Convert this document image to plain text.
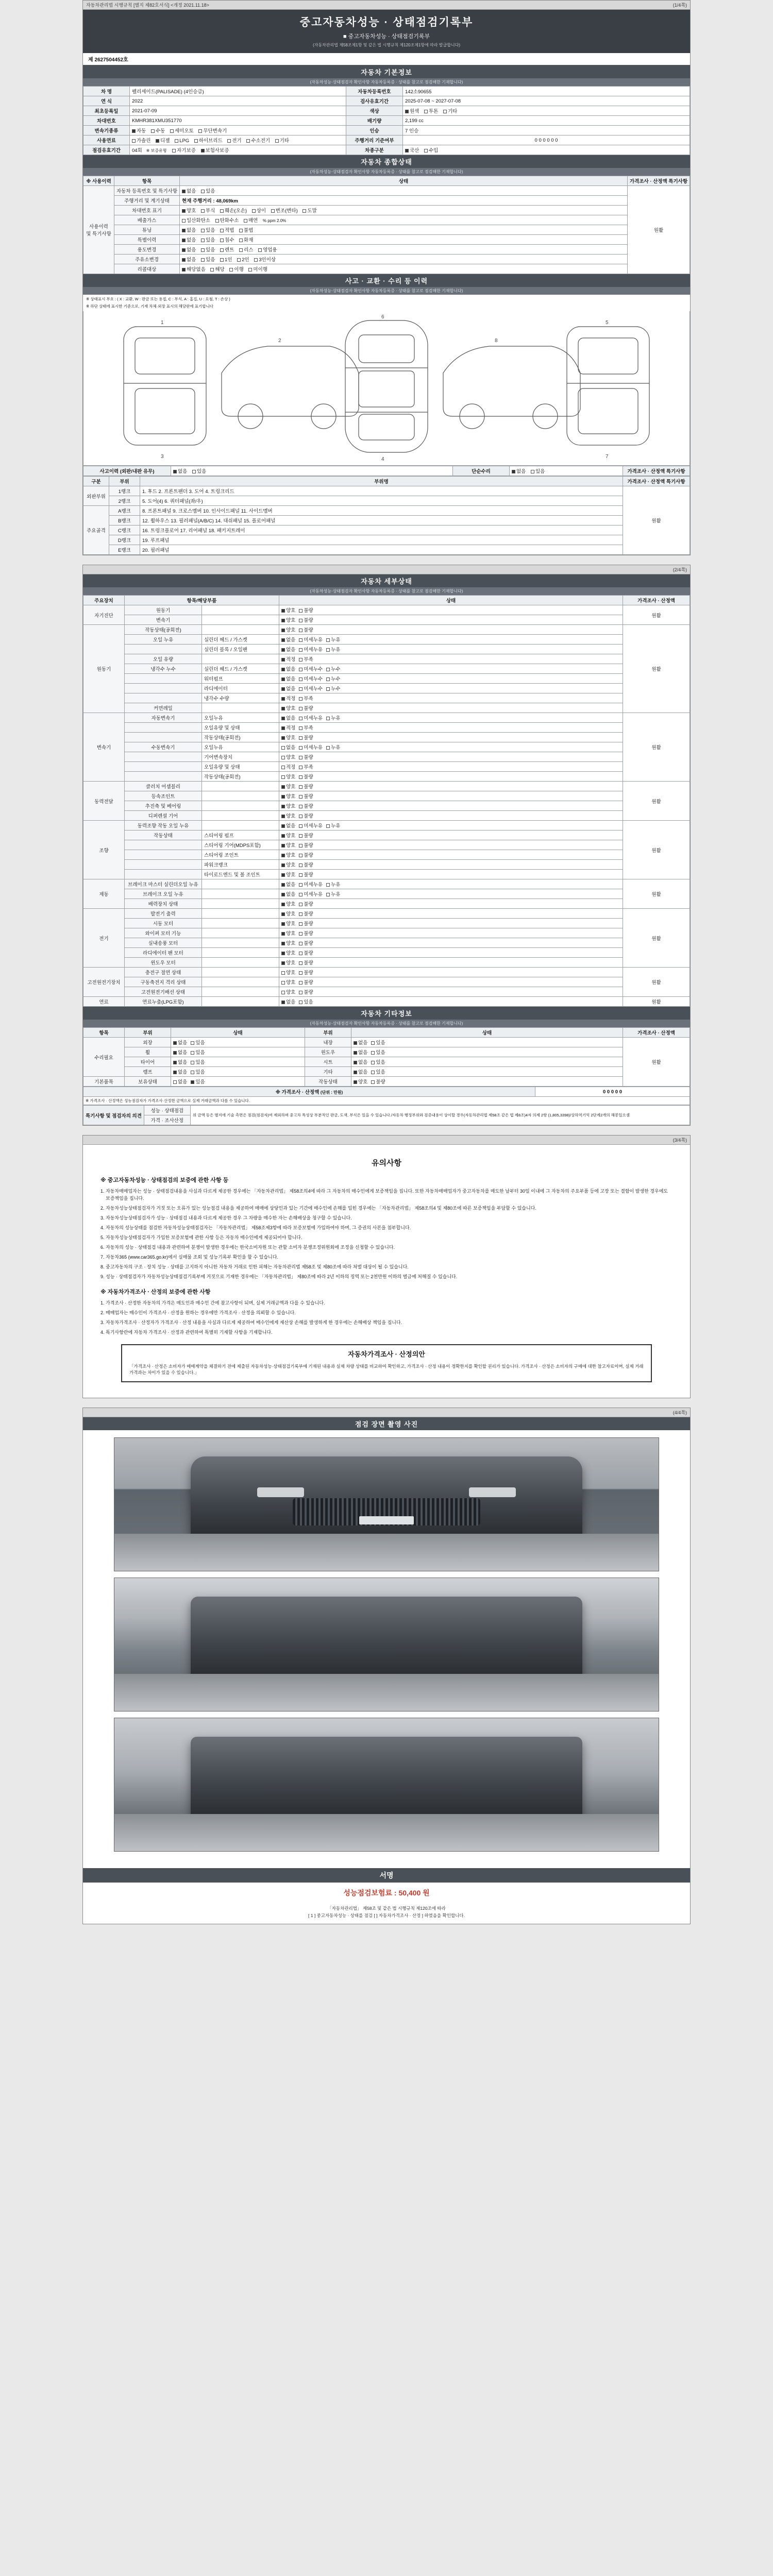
자동차관리법 시행규칙 [별지 제82호서식] <개정 2021.11.18>	(1/4쪽)
중고자동차성능 · 상태점검기록부
■ 중고자동차성능 · 상태점검기록부
(자동차관리법 제58조제1항 및 같은 법 시행규칙 제120조제1항에 따라 발급합니다)
제 2627504452호
자동차 기본정보
(자동차성능·상태점검자 확인사항 자동차등록증 · 상태를 참고로 점검해한 기재합니다)
차 명	펠리세이드(PALISADE) (4인승급)	자동차등록번호	142소90655
연 식	2022	검사유효기간	2025-07-08 ~ 2027-07-08
최초등록일	2021-07-09	색상	원색 투톤 기타
차대번호	KMHR381XMU351770	배기량	2,199 cc
변속기종류	자동 수동 세미오토 무단변속기	인승	7 인승
사용연료	가솔린 디젤 LPG 하이브리드 전기 수소전기 기타	주행거리 기준여부	0 0 0 0 0 0
점검유효기간	04회 ※ 보증유형 자기보증 보험사보증	차종구분	국산 수입
자동차 종합상태
(자동차성능·상태점검자 확인사항 자동차등록증 · 상태를 참고로 점검해한 기재합니다)
※ 사용이력	항목	상태	가격조사 · 산정액 특기사항
사용이력
및 특기사항	자동차 등록번호 및 특기사항	없음 있음	원활
	주행거리 및 계기상태	현재 주행거리 : 48,069km	
	차대번호 표기	양호 부식 훼손(오손) 상이 변조(변타) 도말	
	배출가스	일산화탄소 탄화수소 매연 % ppm 2.0%	
	튜닝	없음 있음 적법 불법	
	특별이력	없음 있음 침수 화재	
	용도변경	없음 있음 렌트 리스 영업용	
	주유소변경	없음 있음 1인 2인 3인이상	
	리콜대상	해당없음 해당 이행 미이행	
사고 · 교환 · 수리 등 이력
(자동차성능·상태점검자 확인사항 자동차등록증 · 상태를 참고로 점검해한 기재합니다)
※ 상태표시 부호 : ( X : 교환, W : 판금 또는 용접, C : 부식, A : 홈집, U : 요철, T : 손상 )
※ 하단 상태에 표시한 기준으로, 기재 차체·외장 표시의 해당란에 표기합니다
1
3
6
4
5
7
2	8
사고이력 (외판/내판 유무)	없음 있음	단순수리	없음 있음	가격조사 · 산정액 특기사항
구분	부위	부위명	가격조사 · 산정액 특기사항
외판부위	1랭크	1. 후드 2. 프론트팬더 3. 도어 4. 트렁크리드	원활
	2랭크	5. 도어(4) 6. 쿼터패널(좌/우)	
주요골격	A랭크	8. 프론트패널 9. 크로스멤버 10. 인사이드패널 11. 사이드멤버	
	B랭크	12. 휠하우스 13. 필러패널(A/B/C) 14. 대쉬패널 15. 플로어패널	
	C랭크	16. 트렁크플로어 17. 리어패널 18. 패키지트레이	
	D랭크	19. 루프패널	
	E랭크	20. 필러패널	
(2/4쪽)
자동차 세부상태
(자동차성능·상태점검자 확인사항 자동차등록증 · 상태를 참고로 점검해한 기재합니다)
주요장치	항목/해당부품		상태	가격조사 · 산정액
자기진단	원동기		양호 불량	원활
	변속기		양호 불량	
원동기	작동상태(공회전)		양호 불량	원활
	오일 누유	실린더 헤드 / 가스켓	없음 미세누유 누유	
		실린더 블록 / 오일팬	없음 미세누유 누유	
	오일 유량		적정 부족	
	냉각수 누수	실린더 헤드 / 가스켓	없음 미세누수 누수	
		워터펌프	없음 미세누수 누수	
		라디에이터	없음 미세누수 누수	
		냉각수 수량	적정 부족	
	커먼레일		양호 불량	
변속기	자동변속기	오일누유	없음 미세누유 누유	원활
		오일유량 및 상태	적정 부족	
		작동상태(공회전)	양호 불량	
	수동변속기	오일누유	없음 미세누유 누유	
		기어변속장치	양호 불량	
		오일유량 및 상태	적정 부족	
		작동상태(공회전)	양호 불량	
동력전달	클러치 어셈블리		양호 불량	원활
	등속조인트		양호 불량	
	추진축 및 베어링		양호 불량	
	디퍼렌셜 기어		양호 불량	
조향	동력조향 작동 오일 누유		없음 미세누유 누유	원활
	작동상태	스티어링 펌프	양호 불량	
		스티어링 기어(MDPS포함)	양호 불량	
		스티어링 조인트	양호 불량	
		파워크랭크	양호 불량	
		타이로드엔드 및 볼 조인트	양호 불량	
제동	브레이크 마스터 실린더오일 누유		없음 미세누유 누유	원활
	브레이크 오일 누유		없음 미세누유 누유	
	배력장치 상태		양호 불량	
전기	발전기 출력		양호 불량	원활
	시동 모터		양호 불량	
	와이퍼 모터 기능		양호 불량	
	실내송풍 모터		양호 불량	
	라디에이터 팬 모터		양호 불량	
	윈도우 모터		양호 불량	
고전원전기장치	충전구 절연 상태		양호 불량	원활
	구동축전지 격리 상태		양호 불량	
	고전원전기배선 상태		양호 불량	
연료	연료누출(LPG포함)		없음 있음	원활
자동차 기타정보
(자동차성능·상태점검자 확인사항 자동차등록증 · 상태를 참고로 점검해한 기재합니다)
항목	부위	상태	부위	상태	가격조사 · 산정액
수리필요	외장	없음 있음	내장	없음 있음	원활
	휠	없음 있음	윈도우	없음 있음	
	타이어	없음 있음	시트	없음 있음	
	램프	없음 있음	기타	없음 있음	
기본품목	보유상태	없음 있음	작동상태	양호 불량	
※ 가격조사 · 산정액 (단위 : 만원)	0 0 0 0 0
※ 가격조사 · 산정액은 성능점검자가 가격조사·산정한 금액으로 실제 거래금액과 다를 수 있습니다.
특기사항 및 점검자의 의견	성능 · 상태점검	위 금액 등은 별지에 기술 측면은 점검(점검자)여 제외하며 중고차 특성상 부분적인 판금, 도색, 부식은 있을 수 있습니다./자동차 행정부위와 검증내용이 상이할 경우(자동차관리법 제58조 같은 법 제8조)4자 의제 2항 (1,805,3398)/상하역기억 2단계2개의 해봉있으셈
가격 · 조사산정
(3/4쪽)
유의사항
※ 중고자동차성능 · 상태점검의 보증에 관한 사항 등

1. 자동차매매업자는 성능 · 상태점검내용을 사실과 다르게 제공한 경우에는 「자동차관리법」 제58조의4에 따라 그 자동차의 매수인에게 보증책임을 집니다. 또한 자동차매매업자가 중고자동차를 매도한 날부터 30일 이내에 그 자동차의 주요부품 등에 고장 또는 결함이 발생한 경우에도 보증책임을 집니다.

2. 자동차성능상태점검자가 거짓 또는 오류가 있는 성능점검 내용을 제공하여 매매에 상당인과 있는 기간에 매수인에 손해를 입힌 경우에는 「자동차관리법」 제58조의4 및 제80조에 따른 보증책임을 부담할 수 있습니다.

3. 자동차성능상태점검자가 성능 · 상태점검 내용과 다르게 제공한 경우 그 차량을 매수한 자는 손해배상을 청구할 수 있습니다.

4. 자동차의 성능상태를 점검한 자동차성능상태점검자는 「자동차관리법」 제58조제3항에 따라 보증보험에 가입하여야 하며, 그 증권의 사본을 첨부합니다.

5. 자동차성능상태점검자가 가입한 보증보험에 관한 사항 등은 자동차 매수인에게 제공되어야 합니다.

6. 자동차의 성능 · 상태점검 내용과 관련하여 분쟁이 발생한 경우에는 한국소비자원 또는 관할 소비자 분쟁조정위원회에 조정을 신청할 수 있습니다.

7. 자동차365 (www.car365.go.kr)에서 실매물 조회 및 성능기록부 확인을 할 수 있습니다.

8. 중고자동차의 구조 · 장치 성능 · 상태를 고지하지 아니한 자동차 거래로 인한 피해는 자동차관리법 제58조 및 제80조에 따라 처벌 대상이 될 수 있습니다.

9. 성능 · 상태점검자가 자동차성능상태점검기록부에 거짓으로 기재한 경우에는 「자동차관리법」 제80조에 따라 2년 이하의 징역 또는 2천만원 이하의 벌금에 처해질 수 있습니다.

※ 자동차가격조사 · 산정의 보증에 관한 사항

1. 가격조사 · 산정한 자동차의 가격은 매도인과 매수인 간에 참고사항이 되며, 실제 거래금액과 다를 수 있습니다.

2. 매매업자는 매수인이 가격조사 · 산정을 원하는 경우에만 가격조사 · 산정을 의뢰할 수 있습니다.

3. 자동차가격조사 · 산정자가 가격조사 · 산정 내용을 사실과 다르게 제공하여 매수인에게 재산상 손해를 발생하게 한 경우에는 손해배상 책임을 집니다.

4. 특기사항란에 자동차 가격조사 · 산정과 관련하여 특별히 기재할 사항을 기재합니다.

자동차가격조사 · 산정의안
「가격조사 · 산정은 소비자가 매매계약을 체결하기 전에 제출된 자동차성능·상태점검기록부에 기재된 내용과 실제 차량 상태를 비교하여 확인하고, 가격조사 · 산정 내용이 정확한지를 확인할 권리가 있습니다. 가격조사 · 산정은 소비자의 구매에 대한 참고자료이며, 실제 거래가격과는 차이가 있을 수 있습니다.」
(4/4쪽)
점검 장면 촬영 사진
서명
성능점검보험료 : 50,400 원
「자동차관리법」 제58조 및 같은 법 시행규칙 제120조에 따라
[ 1 ] 중고자동차성능 · 상태를 점검 [ ] 자동차가격조사 · 산정 ] 하였음을 확인합니다.
